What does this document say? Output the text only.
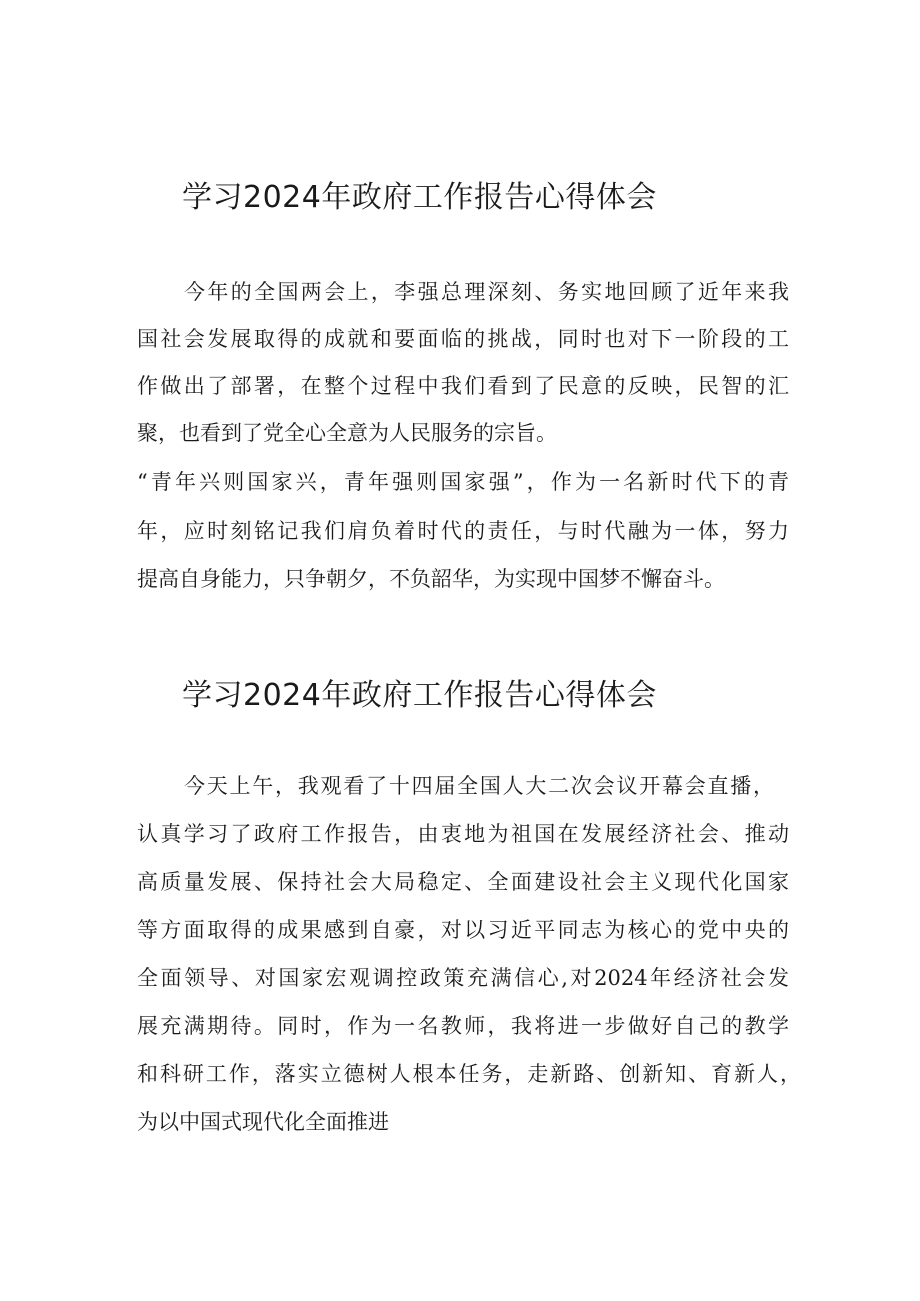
学习2024年政府工作报告心得体会
今年的全国两会上，李强总理深刻、务实地回顾了近年来我
国社会发展取得的成就和要面临的挑战，同时也对下一阶段的工
作做出了部署，在整个过程中我们看到了民意的反映，民智的汇
聚，也看到了党全心全意为人民服务的宗旨。
“青年兴则国家兴，青年强则国家强”，作为一名新时代下的青
年，应时刻铭记我们肩负着时代的责任，与时代融为一体，努力
提高自身能力，只争朝夕，不负韶华，为实现中国梦不懈奋斗。
学习2024年政府工作报告心得体会
今天上午，我观看了十四届全国人大二次会议开幕会直播，
认真学习了政府工作报告，由衷地为祖国在发展经济社会、推动
高质量发展、保持社会大局稳定、全面建设社会主义现代化国家
等方面取得的成果感到自豪，对以习近平同志为核心的党中央的
全面领导、对国家宏观调控政策充满信心,对2024年经济社会发
展充满期待。同时，作为一名教师，我将进一步做好自己的教学
和科研工作，落实立德树人根本任务，走新路、创新知、育新人，
为以中国式现代化全面推进
